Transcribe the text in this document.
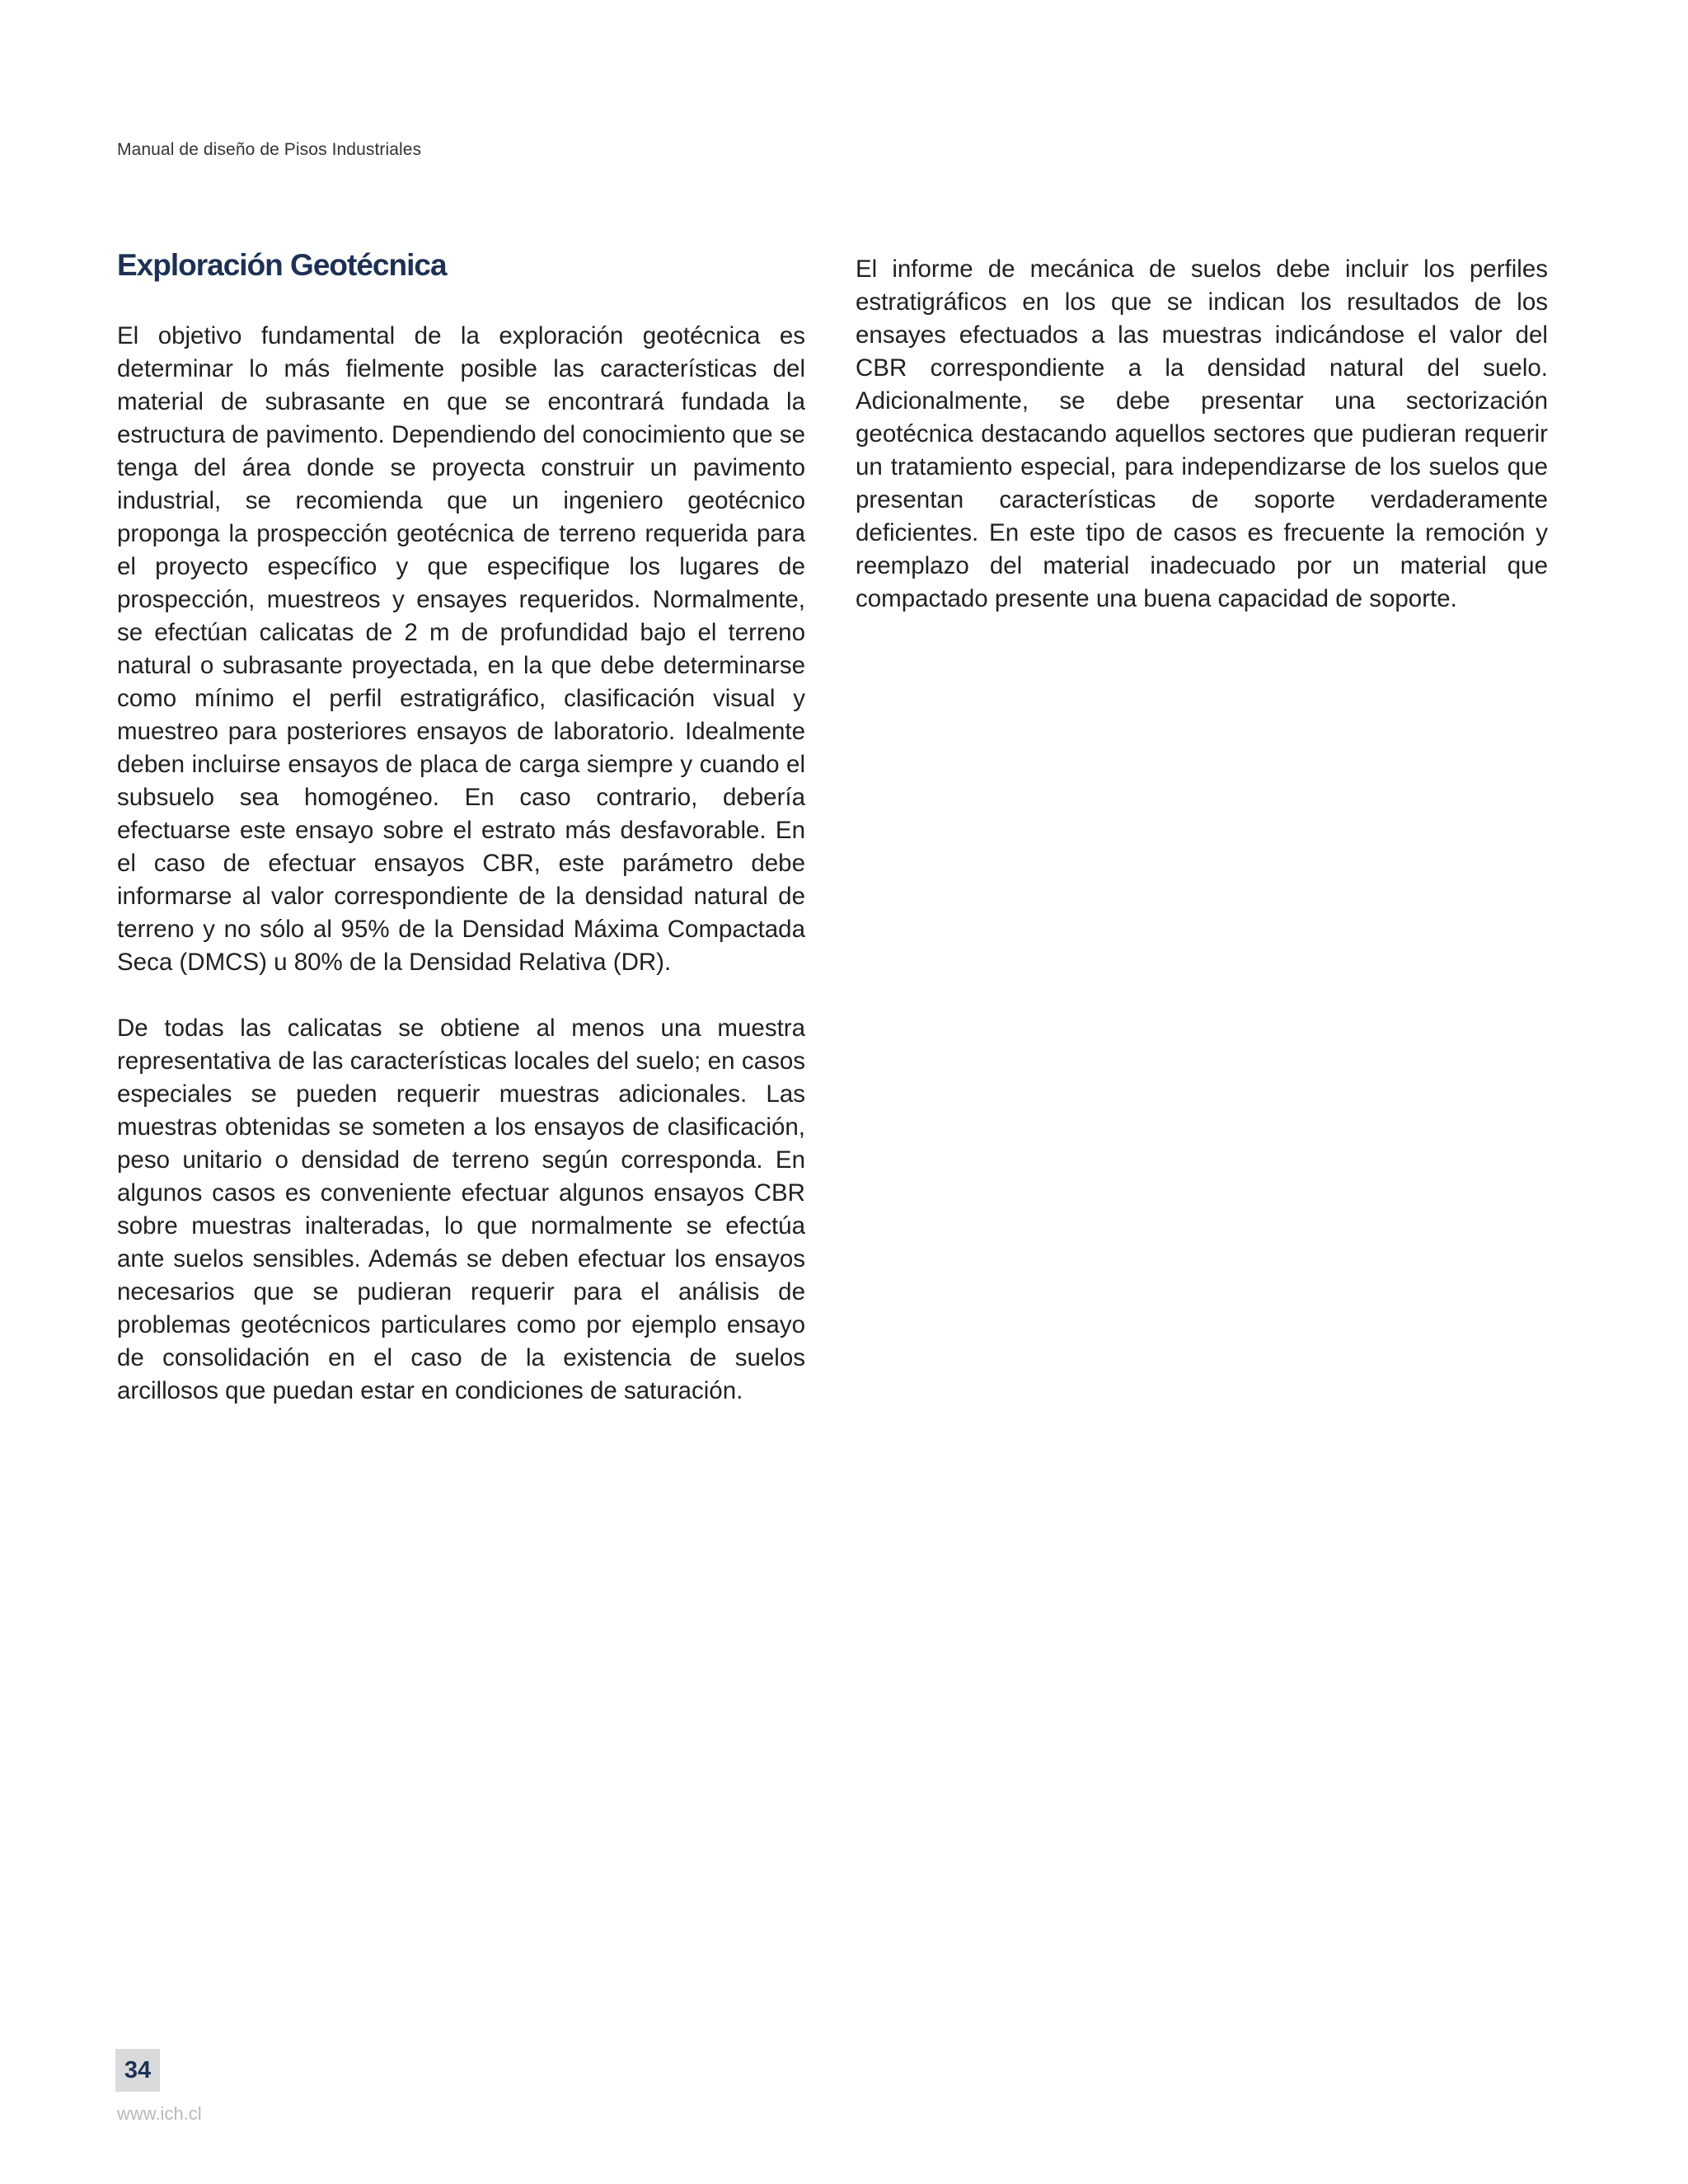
Manual de diseño de Pisos Industriales
Exploración Geotécnica

El objetivo fundamental de la exploración geotécnica es determinar lo más fielmente posible las características del material de subrasante en que se encontrará fundada la estructura de pavimento. Dependiendo del conocimiento que se tenga del área donde se proyecta construir un pavimento industrial, se recomienda que un ingeniero geotécnico proponga la prospección geotécnica de terreno requerida para el proyecto específico y que especifique los lugares de prospección, muestreos y ensayes requeridos. Normalmente, se efectúan calicatas de 2 m de profundidad bajo el terreno natural o subrasante proyectada, en la que debe determinarse como mínimo el perfil estratigráfico, clasificación visual y muestreo para posteriores ensayos de laboratorio. Idealmente deben incluirse ensayos de placa de carga siempre y cuando el subsuelo sea homogéneo. En caso contrario, debería efectuarse este ensayo sobre el estrato más desfavorable. En el caso de efectuar ensayos CBR, este parámetro debe informarse al valor correspondiente de la densidad natural de terreno y no sólo al 95% de la Densidad Máxima Compactada Seca (DMCS) u 80% de la Densidad Relativa (DR).

De todas las calicatas se obtiene al menos una muestra representativa de las características locales del suelo; en casos especiales se pueden requerir muestras adicionales. Las muestras obtenidas se someten a los ensayos de clasificación, peso unitario o densidad de terreno según corresponda. En algunos casos es conveniente efectuar algunos ensayos CBR sobre muestras inalteradas, lo que normalmente se efectúa ante suelos sensibles. Además se deben efectuar los ensayos necesarios que se pudieran requerir para el análisis de problemas geotécnicos particulares como por ejemplo ensayo de consolidación en el caso de la existencia de suelos arcillosos que puedan estar en condiciones de saturación.

El informe de mecánica de suelos debe incluir los perfiles estratigráficos en los que se indican los resultados de los ensayes efectuados a las muestras indicándose el valor del CBR correspondiente a la densidad natural del suelo. Adicionalmente, se debe presentar una sectorización geotécnica destacando aquellos sectores que pudieran requerir un tratamiento especial, para independizarse de los suelos que presentan características de soporte verdaderamente deficientes. En este tipo de casos es frecuente la remoción y reemplazo del material inadecuado por un material que compactado presente una buena capacidad de soporte.

34
www.ich.cl
